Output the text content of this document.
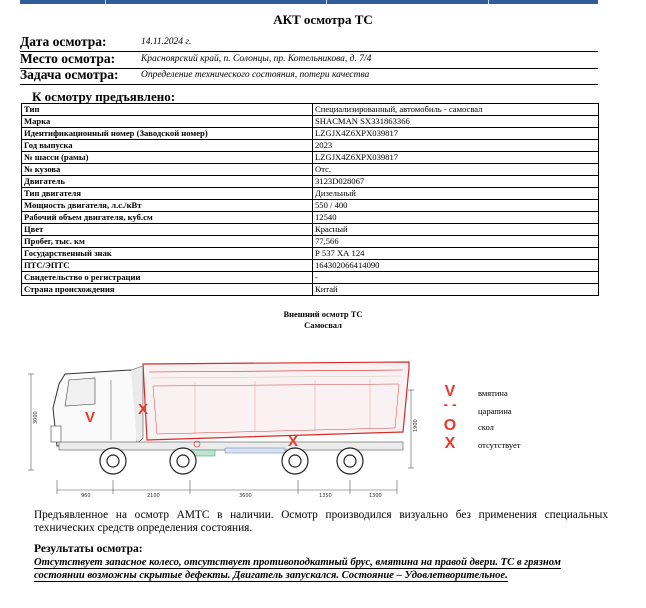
АКТ осмотра ТС
Дата осмотра:	14.11.2024 г.
Место осмотра:	Красноярский край, п. Солонцы, пр. Котельникова, д. 7/4
Задача осмотра: Определение технического состояния, потери качества
К осмотру предъявлено:
Тип	Специализированный, автомобиль - самосвал
Марка	SHACMAN SX331863366
Идентификационный номер (Заводской номер)	LZGJX4Z6XPX039817
Год выпуска	2023
№ шасси (рамы)	LZGJX4Z6XPX039817
№ кузова	Отс.
Двигатель	3123D028067
Тип двигателя	Дизельный
Мощность двигателя, л.с./кВт	550 / 400
Рабочий объем двигателя, куб.см	12540
Цвет	Красный
Пробег, тыс. км	77,566
Государственный знак	Р 537 ХА 124
ПТС/ЭПТС	164302066414090
Свидетельство о регистрации	-
Страна происхождения	Китай
Внешний осмотр ТС
Самосвал
3000
1900
960	2100	3600	1350	1300
V	X
X
V	вмятина
- -	царапина
O	скол
X	отсутствует
Предъявленное на осмотр АМТС в наличии. Осмотр производился визуально без применения специальных технических средств определения состояния.
Результаты осмотра:
Отсутствует запасное колесо, отсутствует противоподкатный брус, вмятина на правой двери. ТС в грязном состоянии возможны скрытые дефекты. Двигатель запускался. Состояние – Удовлетворительное.
